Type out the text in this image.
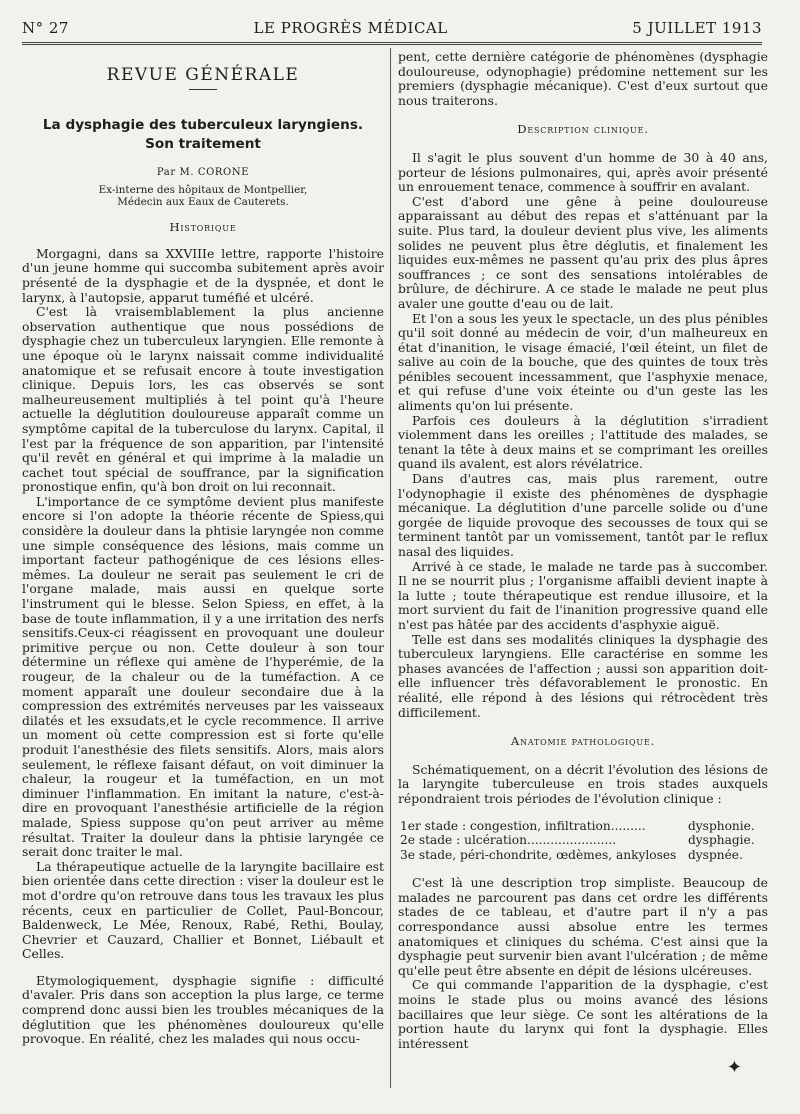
N° 27	LE PROGRÈS MÉDICAL	5 JUILLET 1913
REVUE GÉNÉRALE
La dysphagie des tuberculeux laryngiens.
Son traitement
Par M. CORONE
Ex-interne des hôpitaux de Montpellier,
Médecin aux Eaux de Cauterets.
Historique

Morgagni, dans sa XXVIIIe lettre, rapporte l'histoire d'un jeune homme qui succomba subitement après avoir présenté de la dysphagie et de la dyspnée, et dont le larynx, à l'autopsie, apparut tuméfié et ulcéré.

C'est là vraisemblablement la plus ancienne observation authentique que nous possédions de dysphagie chez un tuberculeux laryngien. Elle remonte à une époque où le larynx naissait comme individualité anatomique et se refusait encore à toute investigation clinique. Depuis lors, les cas observés se sont malheureusement multipliés à tel point qu'à l'heure actuelle la déglutition douloureuse apparaît comme un symptôme capital de la tuberculose du larynx. Capital, il l'est par la fréquence de son apparition, par l'intensité qu'il revêt en général et qui imprime à la maladie un cachet tout spécial de souffrance, par la signification pronostique enfin, qu'à bon droit on lui reconnait.

L'importance de ce symptôme devient plus manifeste encore si l'on adopte la théorie récente de Spiess,qui considère la douleur dans la phtisie laryngée non comme une simple conséquence des lésions, mais comme un important facteur pathogénique de ces lésions elles-mêmes. La douleur ne serait pas seulement le cri de l'organe malade, mais aussi en quelque sorte l'instrument qui le blesse. Selon Spiess, en effet, à la base de toute inflammation, il y a une irritation des nerfs sensitifs.Ceux-ci réagissent en provoquant une douleur primitive perçue ou non. Cette douleur à son tour détermine un réflexe qui amène de l'hyperémie, de la rougeur, de la chaleur ou de la tuméfaction. A ce moment apparaît une douleur secondaire due à la compression des extrémités nerveuses par les vaisseaux dilatés et les exsudats,et le cycle recommence. Il arrive un moment où cette compression est si forte qu'elle produit l'anesthésie des filets sensitifs. Alors, mais alors seulement, le réflexe faisant défaut, on voit diminuer la chaleur, la rougeur et la tuméfaction, en un mot diminuer l'inflammation. En imitant la nature, c'est-à-dire en provoquant l'anesthésie artificielle de la région malade, Spiess suppose qu'on peut arriver au même résultat. Traiter la douleur dans la phtisie laryngée ce serait donc traiter le mal.

La thérapeutique actuelle de la laryngite bacillaire est bien orientée dans cette direction : viser la douleur est le mot d'ordre qu'on retrouve dans tous les travaux les plus récents, ceux en particulier de Collet, Paul-Boncour, Baldenweck, Le Mée, Renoux, Rabé, Rethi, Boulay, Chevrier et Cauzard, Challier et Bonnet, Liébault et Celles.

Etymologiquement, dysphagie signifie : difficulté d'avaler. Pris dans son acception la plus large, ce terme comprend donc aussi bien les troubles mécaniques de la déglutition que les phénomènes douloureux qu'elle provoque. En réalité, chez les malades qui nous occu-

pent, cette dernière catégorie de phénomènes (dysphagie douloureuse, odynophagie) prédomine nettement sur les premiers (dysphagie mécanique). C'est d'eux surtout que nous traiterons.

Description clinique.

Il s'agit le plus souvent d'un homme de 30 à 40 ans, porteur de lésions pulmonaires, qui, après avoir présenté un enrouement tenace, commence à souffrir en avalant.

C'est d'abord une gêne à peine douloureuse apparaissant au début des repas et s'atténuant par la suite. Plus tard, la douleur devient plus vive, les aliments solides ne peuvent plus être déglutis, et finalement les liquides eux-mêmes ne passent qu'au prix des plus âpres souffrances ; ce sont des sensations intolérables de brûlure, de déchirure. A ce stade le malade ne peut plus avaler une goutte d'eau ou de lait.

Et l'on a sous les yeux le spectacle, un des plus pénibles qu'il soit donné au médecin de voir, d'un malheureux en état d'inanition, le visage émacié, l'œil éteint, un filet de salive au coin de la bouche, que des quintes de toux très pénibles secouent incessamment, que l'asphyxie menace, et qui refuse d'une voix éteinte ou d'un geste las les aliments qu'on lui présente.

Parfois ces douleurs à la déglutition s'irradient violemment dans les oreilles ; l'attitude des malades, se tenant la tête à deux mains et se comprimant les oreilles quand ils avalent, est alors révélatrice.

Dans d'autres cas, mais plus rarement, outre l'odynophagie il existe des phénomènes de dysphagie mécanique. La déglutition d'une parcelle solide ou d'une gorgée de liquide provoque des secousses de toux qui se terminent tantôt par un vomissement, tantôt par le reflux nasal des liquides.

Arrivé à ce stade, le malade ne tarde pas à succomber. Il ne se nourrit plus ; l'organisme affaibli devient inapte à la lutte ; toute thérapeutique est rendue illusoire, et la mort survient du fait de l'inanition progressive quand elle n'est pas hâtée par des accidents d'asphyxie aiguë.

Telle est dans ses modalités cliniques la dysphagie des tuberculeux laryngiens. Elle caractérise en somme les phases avancées de l'affection ; aussi son apparition doit-elle influencer très défavorablement le pronostic. En réalité, elle répond à des lésions qui rétrocèdent très difficilement.

Anatomie pathologique.

Schématiquement, on a décrit l'évolution des lésions de la laryngite tuberculeuse en trois stades auxquels répondraient trois périodes de l'évolution clinique :

1er stade : congestion, infiltration.........	dysphonie.
2e stade : ulcération.......................	dysphagie.
3e stade, péri-chondrite, œdèmes, ankyloses dyspnée.

C'est là une description trop simpliste. Beaucoup de malades ne parcourent pas dans cet ordre les différents stades de ce tableau, et d'autre part il n'y a pas correspondance aussi absolue entre les termes anatomiques et cliniques du schéma. C'est ainsi que la dysphagie peut survenir bien avant l'ulcération ; de même qu'elle peut être absente en dépit de lésions ulcéreuses.

Ce qui commande l'apparition de la dysphagie, c'est moins le stade plus ou moins avancé des lésions bacillaires que leur siège. Ce sont les altérations de la portion haute du larynx qui font la dysphagie. Elles intéressent

✦
